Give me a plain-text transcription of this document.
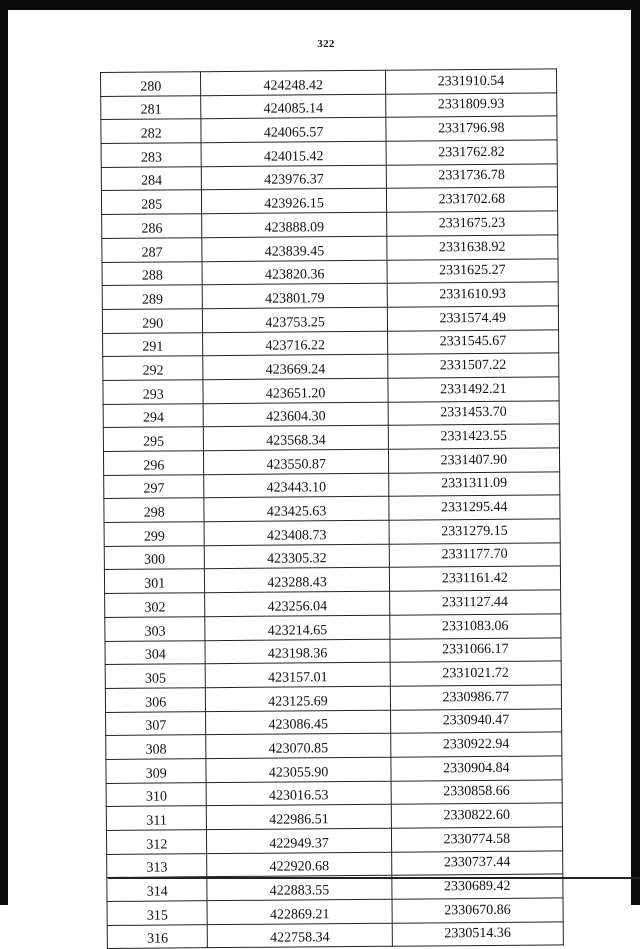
322
280	424248.42	2331910.54
281	424085.14	2331809.93
282	424065.57	2331796.98
283	424015.42	2331762.82
284	423976.37	2331736.78
285	423926.15	2331702.68
286	423888.09	2331675.23
287	423839.45	2331638.92
288	423820.36	2331625.27
289	423801.79	2331610.93
290	423753.25	2331574.49
291	423716.22	2331545.67
292	423669.24	2331507.22
293	423651.20	2331492.21
294	423604.30	2331453.70
295	423568.34	2331423.55
296	423550.87	2331407.90
297	423443.10	2331311.09
298	423425.63	2331295.44
299	423408.73	2331279.15
300	423305.32	2331177.70
301	423288.43	2331161.42
302	423256.04	2331127.44
303	423214.65	2331083.06
304	423198.36	2331066.17
305	423157.01	2331021.72
306	423125.69	2330986.77
307	423086.45	2330940.47
308	423070.85	2330922.94
309	423055.90	2330904.84
310	423016.53	2330858.66
311	422986.51	2330822.60
312	422949.37	2330774.58
313	422920.68	2330737.44
314	422883.55	2330689.42
315	422869.21	2330670.86
316	422758.34	2330514.36
